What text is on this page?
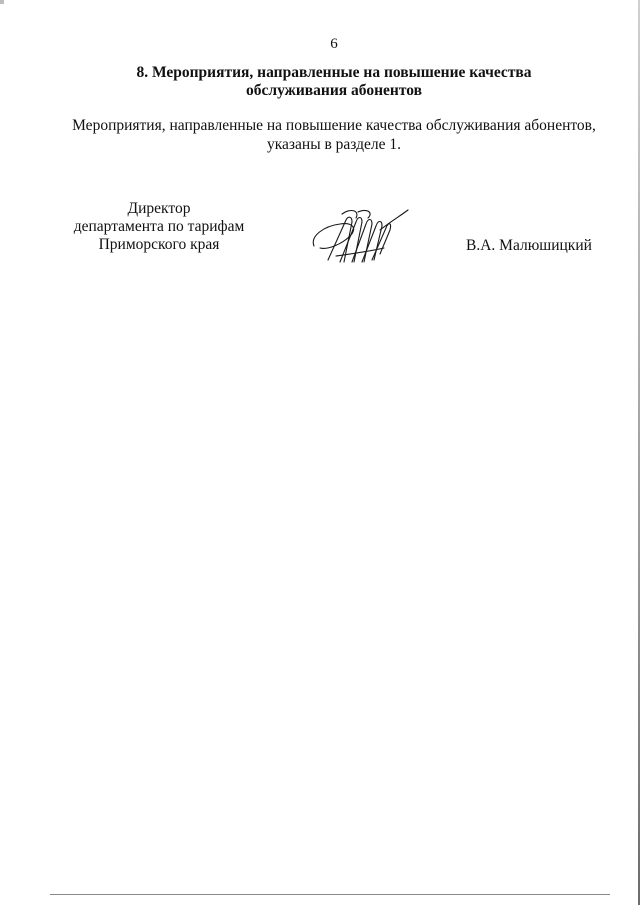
6
8. Мероприятия, направленные на повышение качества
обслуживания абонентов
Мероприятия, направленные на повышение качества обслуживания абонентов,
указаны в разделе 1.
Директор
департамента по тарифам
Приморского края	В.А. Малюшицкий
